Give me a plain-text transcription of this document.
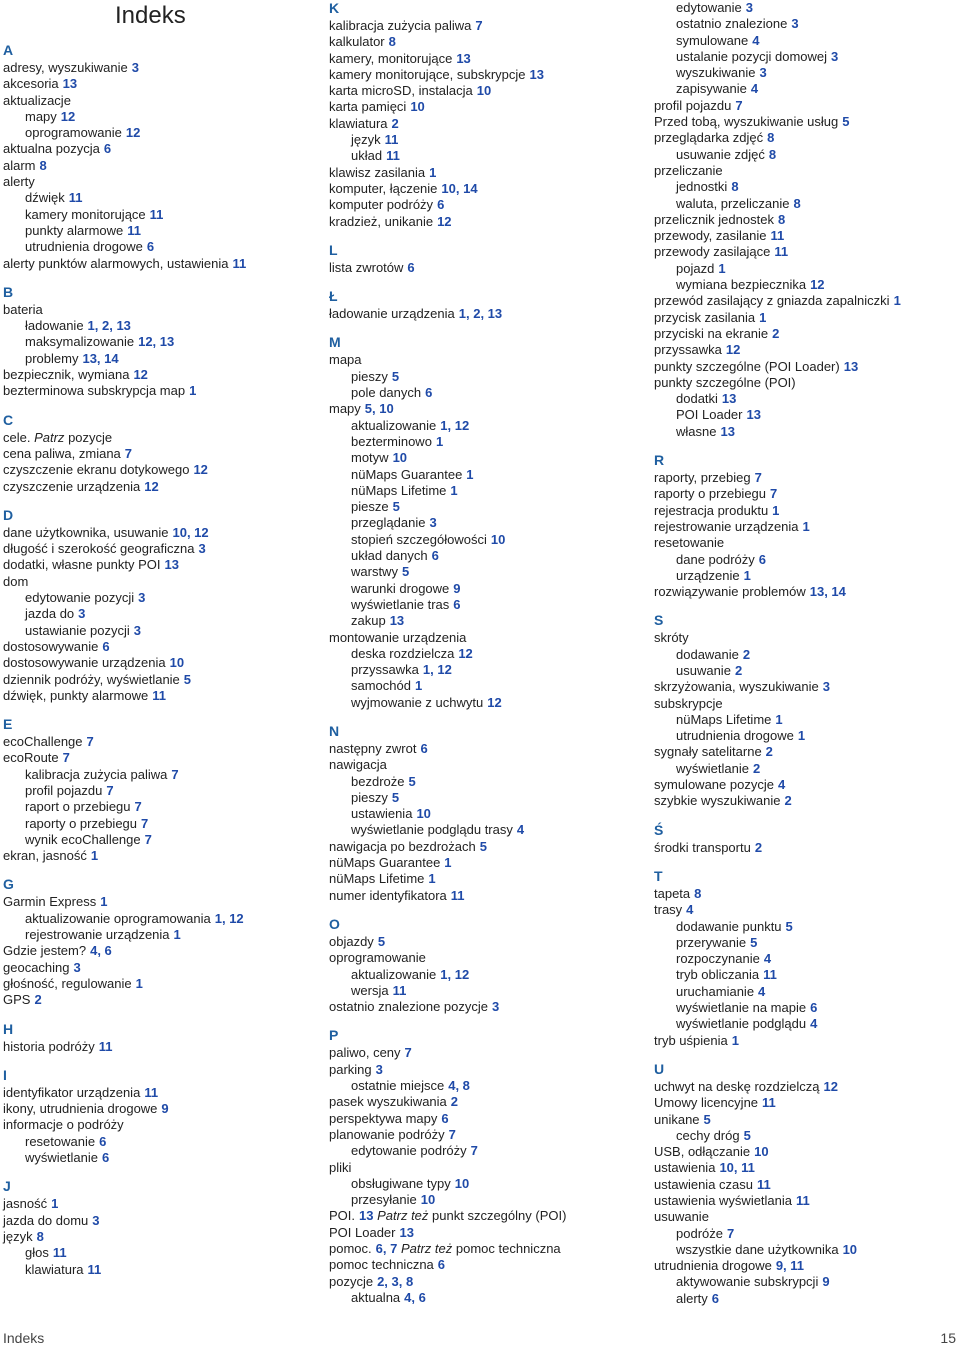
Indeks
A
adresy, wyszukiwanie 3
akcesoria 13
aktualizacje
mapy 12
oprogramowanie 12
aktualna pozycja 6
alarm 8
alerty
dźwięk 11
kamery monitorujące 11
punkty alarmowe 11
utrudnienia drogowe 6
alerty punktów alarmowych, ustawienia 11
B
bateria
ładowanie 1, 2, 13
maksymalizowanie 12, 13
problemy 13, 14
bezpiecznik, wymiana 12
bezterminowa subskrypcja map 1
C
cele. Patrz pozycje
cena paliwa, zmiana 7
czyszczenie ekranu dotykowego 12
czyszczenie urządzenia 12
D
dane użytkownika, usuwanie 10, 12
długość i szerokość geograficzna 3
dodatki, własne punkty POI 13
dom
edytowanie pozycji 3
jazda do 3
ustawianie pozycji 3
dostosowywanie 6
dostosowywanie urządzenia 10
dziennik podróży, wyświetlanie 5
dźwięk, punkty alarmowe 11
E
ecoChallenge 7
ecoRoute 7
kalibracja zużycia paliwa 7
profil pojazdu 7
raport o przebiegu 7
raporty o przebiegu 7
wynik ecoChallenge 7
ekran, jasność 1
G
Garmin Express 1
aktualizowanie oprogramowania 1, 12
rejestrowanie urządzenia 1
Gdzie jestem? 4, 6
geocaching 3
głośność, regulowanie 1
GPS 2
H
historia podróży 11
I
identyfikator urządzenia 11
ikony, utrudnienia drogowe 9
informacje o podróży
resetowanie 6
wyświetlanie 6
J
jasność 1
jazda do domu 3
język 8
głos 11
klawiatura 11
K
kalibracja zużycia paliwa 7
kalkulator 8
kamery, monitorujące 13
kamery monitorujące, subskrypcje 13
karta microSD, instalacja 10
karta pamięci 10
klawiatura 2
język 11
układ 11
klawisz zasilania 1
komputer, łączenie 10, 14
komputer podróży 6
kradzież, unikanie 12
L
lista zwrotów 6
Ł
ładowanie urządzenia 1, 2, 13
M
mapa
pieszy 5
pole danych 6
mapy 5, 10
aktualizowanie 1, 12
bezterminowo 1
motyw 10
nüMaps Guarantee 1
nüMaps Lifetime 1
piesze 5
przeglądanie 3
stopień szczegółowości 10
układ danych 6
warstwy 5
warunki drogowe 9
wyświetlanie tras 6
zakup 13
montowanie urządzenia
deska rozdzielcza 12
przyssawka 1, 12
samochód 1
wyjmowanie z uchwytu 12
N
następny zwrot 6
nawigacja
bezdroże 5
pieszy 5
ustawienia 10
wyświetlanie podglądu trasy 4
nawigacja po bezdrożach 5
nüMaps Guarantee 1
nüMaps Lifetime 1
numer identyfikatora 11
O
objazdy 5
oprogramowanie
aktualizowanie 1, 12
wersja 11
ostatnio znalezione pozycje 3
P
paliwo, ceny 7
parking 3
ostatnie miejsce 4, 8
pasek wyszukiwania 2
perspektywa mapy 6
planowanie podróży 7
edytowanie podróży 7
pliki
obsługiwane typy 10
przesyłanie 10
POI. 13 Patrz też punkt szczególny (POI)
POI Loader 13
pomoc. 6, 7 Patrz też pomoc techniczna
pomoc techniczna 6
pozycje 2, 3, 8
aktualna 4, 6
edytowanie 3
ostatnio znalezione 3
symulowane 4
ustalanie pozycji domowej 3
wyszukiwanie 3
zapisywanie 4
profil pojazdu 7
Przed tobą, wyszukiwanie usług 5
przeglądarka zdjęć 8
usuwanie zdjęć 8
przeliczanie
jednostki 8
waluta, przeliczanie 8
przelicznik jednostek 8
przewody, zasilanie 11
przewody zasilające 11
pojazd 1
wymiana bezpiecznika 12
przewód zasilający z gniazda zapalniczki 1
przycisk zasilania 1
przyciski na ekranie 2
przyssawka 12
punkty szczególne (POI Loader) 13
punkty szczególne (POI)
dodatki 13
POI Loader 13
własne 13
R
raporty, przebieg 7
raporty o przebiegu 7
rejestracja produktu 1
rejestrowanie urządzenia 1
resetowanie
dane podróży 6
urządzenie 1
rozwiązywanie problemów 13, 14
S
skróty
dodawanie 2
usuwanie 2
skrzyżowania, wyszukiwanie 3
subskrypcje
nüMaps Lifetime 1
utrudnienia drogowe 1
sygnały satelitarne 2
wyświetlanie 2
symulowane pozycje 4
szybkie wyszukiwanie 2
Ś
środki transportu 2
T
tapeta 8
trasy 4
dodawanie punktu 5
przerywanie 5
rozpoczynanie 4
tryb obliczania 11
uruchamianie 4
wyświetlanie na mapie 6
wyświetlanie podglądu 4
tryb uśpienia 1
U
uchwyt na deskę rozdzielczą 12
Umowy licencyjne 11
unikane 5
cechy dróg 5
USB, odłączanie 10
ustawienia 10, 11
ustawienia czasu 11
ustawienia wyświetlania 11
usuwanie
podróże 7
wszystkie dane użytkownika 10
utrudnienia drogowe 9, 11
aktywowanie subskrypcji 9
alerty 6
Indeks	15
